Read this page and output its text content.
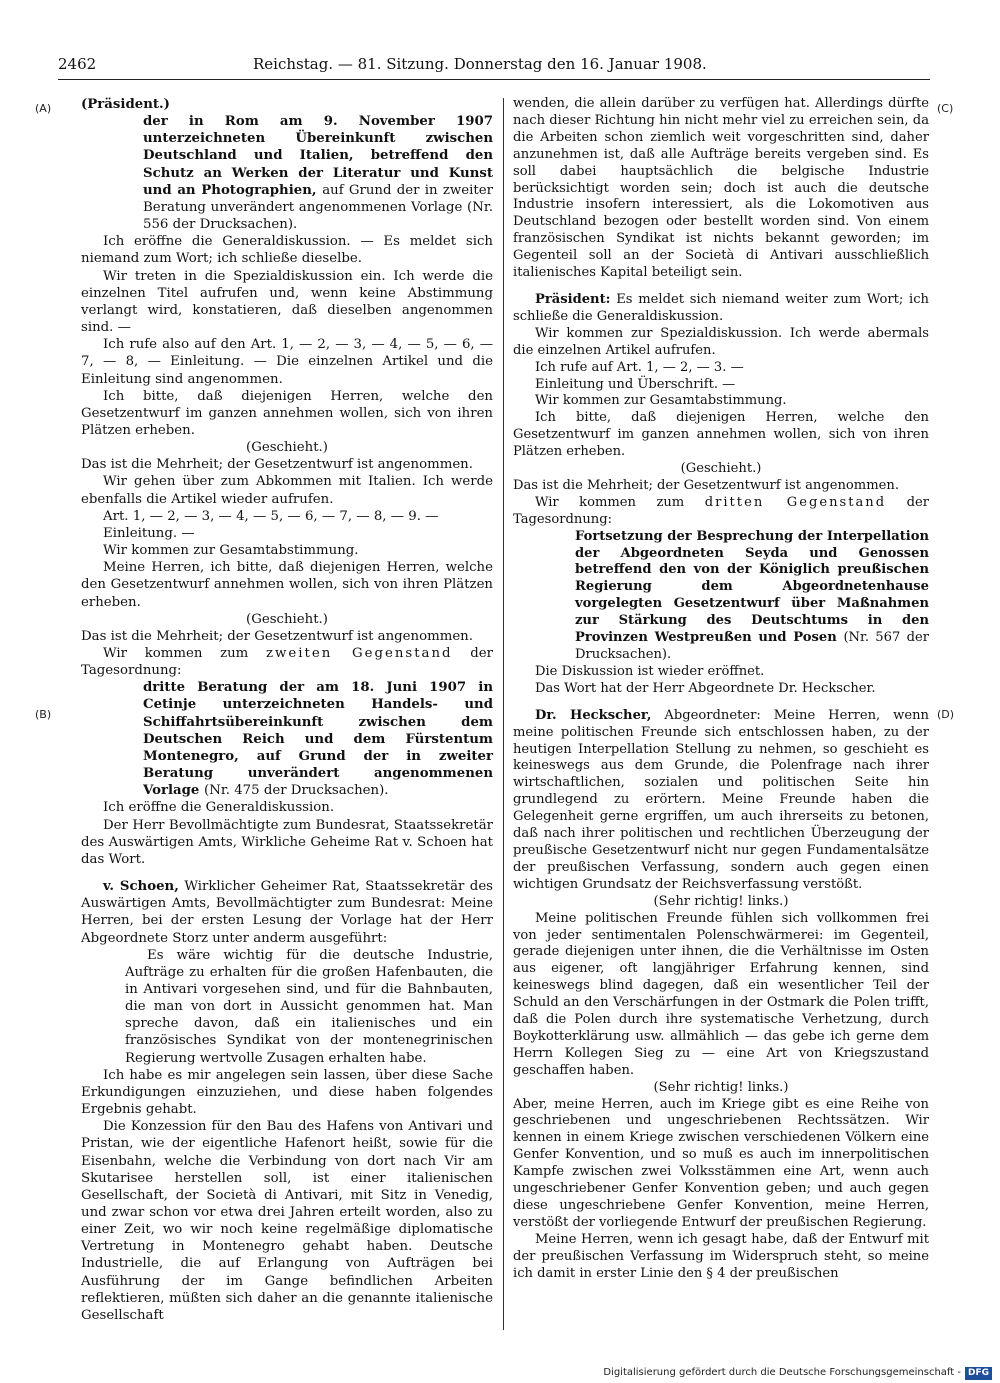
2462	Reichstag. — 81. Sitzung. Donnerstag den 16. Januar 1908.
(A)
(B)
(C)
(D)

(Präsident.)

der in Rom am 9. November 1907 unterzeichneten Übereinkunft zwischen Deutschland und Italien, betreffend den Schutz an Werken der Literatur und Kunst und an Photographien, auf Grund der in zweiter Beratung unverändert angenommenen Vorlage (Nr. 556 der Drucksachen).

Ich eröffne die Generaldiskussion. — Es meldet sich niemand zum Wort; ich schließe dieselbe.

Wir treten in die Spezialdiskussion ein. Ich werde die einzelnen Titel aufrufen und, wenn keine Abstimmung verlangt wird, konstatieren, daß dieselben angenommen sind. —

Ich rufe also auf den Art. 1, — 2, — 3, — 4, — 5, — 6, — 7, — 8, — Einleitung. — Die einzelnen Artikel und die Einleitung sind angenommen.

Ich bitte, daß diejenigen Herren, welche den Gesetzentwurf im ganzen annehmen wollen, sich von ihren Plätzen erheben.

(Geschieht.)

Das ist die Mehrheit; der Gesetzentwurf ist angenommen.

Wir gehen über zum Abkommen mit Italien. Ich werde ebenfalls die Artikel wieder aufrufen.

Art. 1, — 2, — 3, — 4, — 5, — 6, — 7, — 8, — 9. —

Einleitung. —

Wir kommen zur Gesamtabstimmung.

Meine Herren, ich bitte, daß diejenigen Herren, welche den Gesetzentwurf annehmen wollen, sich von ihren Plätzen erheben.

(Geschieht.)

Das ist die Mehrheit; der Gesetzentwurf ist angenommen.

Wir kommen zum zweiten Gegenstand der Tagesordnung:

dritte Beratung der am 18. Juni 1907 in Cetinje unterzeichneten Handels- und Schiffahrtsübereinkunft zwischen dem Deutschen Reich und dem Fürstentum Montenegro, auf Grund der in zweiter Beratung unverändert angenommenen Vorlage (Nr. 475 der Drucksachen).

Ich eröffne die Generaldiskussion.

Der Herr Bevollmächtigte zum Bundesrat, Staatssekretär des Auswärtigen Amts, Wirkliche Geheime Rat v. Schoen hat das Wort.

v. Schoen, Wirklicher Geheimer Rat, Staatssekretär des Auswärtigen Amts, Bevollmächtigter zum Bundesrat: Meine Herren, bei der ersten Lesung der Vorlage hat der Herr Abgeordnete Storz unter anderm ausgeführt:

Es wäre wichtig für die deutsche Industrie, Aufträge zu erhalten für die großen Hafenbauten, die in Antivari vorgesehen sind, und für die Bahnbauten, die man von dort in Aussicht genommen hat. Man spreche davon, daß ein italienisches und ein französisches Syndikat von der montenegrinischen Regierung wertvolle Zusagen erhalten habe.

Ich habe es mir angelegen sein lassen, über diese Sache Erkundigungen einzuziehen, und diese haben folgendes Ergebnis gehabt.

Die Konzession für den Bau des Hafens von Antivari und Pristan, wie der eigentliche Hafenort heißt, sowie für die Eisenbahn, welche die Verbindung von dort nach Vir am Skutarisee herstellen soll, ist einer italienischen Gesellschaft, der Società di Antivari, mit Sitz in Venedig, und zwar schon vor etwa drei Jahren erteilt worden, also zu einer Zeit, wo wir noch keine regelmäßige diplomatische Vertretung in Montenegro gehabt haben. Deutsche Industrielle, die auf Erlangung von Aufträgen bei Ausführung der im Gange befindlichen Arbeiten reflektieren, müßten sich daher an die genannte italienische Gesellschaft

wenden, die allein darüber zu verfügen hat. Allerdings dürfte nach dieser Richtung hin nicht mehr viel zu erreichen sein, da die Arbeiten schon ziemlich weit vorgeschritten sind, daher anzunehmen ist, daß alle Aufträge bereits vergeben sind. Es soll dabei hauptsächlich die belgische Industrie berücksichtigt worden sein; doch ist auch die deutsche Industrie insofern interessiert, als die Lokomotiven aus Deutschland bezogen oder bestellt worden sind. Von einem französischen Syndikat ist nichts bekannt geworden; im Gegenteil soll an der Società di Antivari ausschließlich italienisches Kapital beteiligt sein.

Präsident: Es meldet sich niemand weiter zum Wort; ich schließe die Generaldiskussion.

Wir kommen zur Spezialdiskussion. Ich werde abermals die einzelnen Artikel aufrufen.

Ich rufe auf Art. 1, — 2, — 3. —

Einleitung und Überschrift. —

Wir kommen zur Gesamtabstimmung.

Ich bitte, daß diejenigen Herren, welche den Gesetzentwurf im ganzen annehmen wollen, sich von ihren Plätzen erheben.

(Geschieht.)

Das ist die Mehrheit; der Gesetzentwurf ist angenommen.

Wir kommen zum dritten Gegenstand der Tagesordnung:

Fortsetzung der Besprechung der Interpellation der Abgeordneten Seyda und Genossen betreffend den von der Königlich preußischen Regierung dem Abgeordnetenhause vorgelegten Gesetzentwurf über Maßnahmen zur Stärkung des Deutschtums in den Provinzen Westpreußen und Posen (Nr. 567 der Drucksachen).

Die Diskussion ist wieder eröffnet.

Das Wort hat der Herr Abgeordnete Dr. Heckscher.

Dr. Heckscher, Abgeordneter: Meine Herren, wenn meine politischen Freunde sich entschlossen haben, zu der heutigen Interpellation Stellung zu nehmen, so geschieht es keineswegs aus dem Grunde, die Polenfrage nach ihrer wirtschaftlichen, sozialen und politischen Seite hin grundlegend zu erörtern. Meine Freunde haben die Gelegenheit gerne ergriffen, um auch ihrerseits zu betonen, daß nach ihrer politischen und rechtlichen Überzeugung der preußische Gesetzentwurf nicht nur gegen Fundamentalsätze der preußischen Verfassung, sondern auch gegen einen wichtigen Grundsatz der Reichsverfassung verstößt.

(Sehr richtig! links.)

Meine politischen Freunde fühlen sich vollkommen frei von jeder sentimentalen Polenschwärmerei: im Gegenteil, gerade diejenigen unter ihnen, die die Verhältnisse im Osten aus eigener, oft langjähriger Erfahrung kennen, sind keineswegs blind dagegen, daß ein wesentlicher Teil der Schuld an den Verschärfungen in der Ostmark die Polen trifft, daß die Polen durch ihre systematische Verhetzung, durch Boykotterklärung usw. allmählich — das gebe ich gerne dem Herrn Kollegen Sieg zu — eine Art von Kriegszustand geschaffen haben.

(Sehr richtig! links.)

Aber, meine Herren, auch im Kriege gibt es eine Reihe von geschriebenen und ungeschriebenen Rechtssätzen. Wir kennen in einem Kriege zwischen verschiedenen Völkern eine Genfer Konvention, und so muß es auch im innerpolitischen Kampfe zwischen zwei Volksstämmen eine Art, wenn auch ungeschriebener Genfer Konvention geben; und auch gegen diese ungeschriebene Genfer Konvention, meine Herren, verstößt der vorliegende Entwurf der preußischen Regierung.

Meine Herren, wenn ich gesagt habe, daß der Entwurf mit der preußischen Verfassung im Widerspruch steht, so meine ich damit in erster Linie den § 4 der preußischen

Digitalisierung gefördert durch die Deutsche Forschungsgemeinschaft - DFG
